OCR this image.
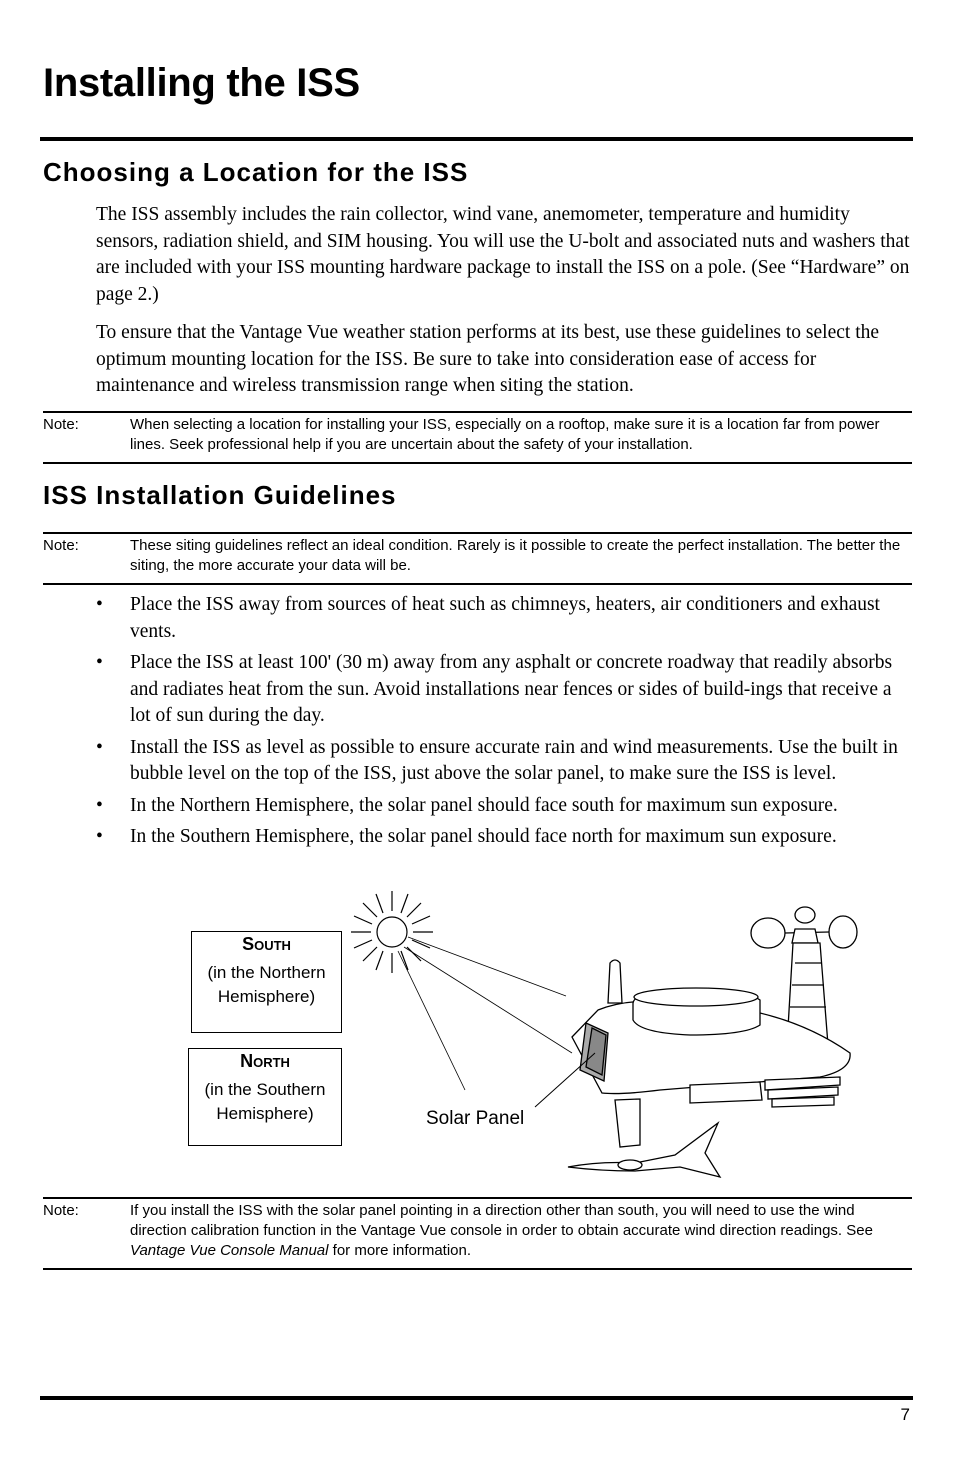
Installing the ISS
Choosing a Location for the ISS

The ISS assembly includes the rain collector, wind vane, anemometer, temperature and humidity sensors, radiation shield, and SIM housing. You will use the U-bolt and associated nuts and washers that are included with your ISS mounting hardware package to install the ISS on a pole. (See “Hardware” on page 2.)

To ensure that the Vantage Vue weather station performs at its best, use these guidelines to select the optimum mounting location for the ISS. Be sure to take into consideration ease of access for maintenance and wireless transmission range when siting the station.

Note:	When selecting a location for installing your ISS, especially on a rooftop, make sure it is a location far from power lines. Seek professional help if you are uncertain about the safety of your installation.
ISS Installation Guidelines
Note:	These siting guidelines reflect an ideal condition. Rarely is it possible to create the perfect installation. The better the siting, the more accurate your data will be.
• Place the ISS away from sources of heat such as chimneys, heaters, air conditioners and exhaust vents.
• Place the ISS at least 100' (30 m) away from any asphalt or concrete roadway that readily absorbs and radiates heat from the sun. Avoid installations near fences or sides of build-ings that receive a lot of sun during the day.
• Install the ISS as level as possible to ensure accurate rain and wind measurements. Use the built in bubble level on the top of the ISS, just above the solar panel, to make sure the ISS is level.
• In the Northern Hemisphere, the solar panel should face south for maximum sun exposure.
• In the Southern Hemisphere, the solar panel should face north for maximum sun exposure.
South
(in the Northern
Hemisphere)
North
(in the Southern
Hemisphere)	Solar Panel
Note:	If you install the ISS with the solar panel pointing in a direction other than south, you will need to use the wind direction calibration function in the Vantage Vue console in order to obtain accurate wind direction readings. See Vantage Vue Console Manual for more information.
7
